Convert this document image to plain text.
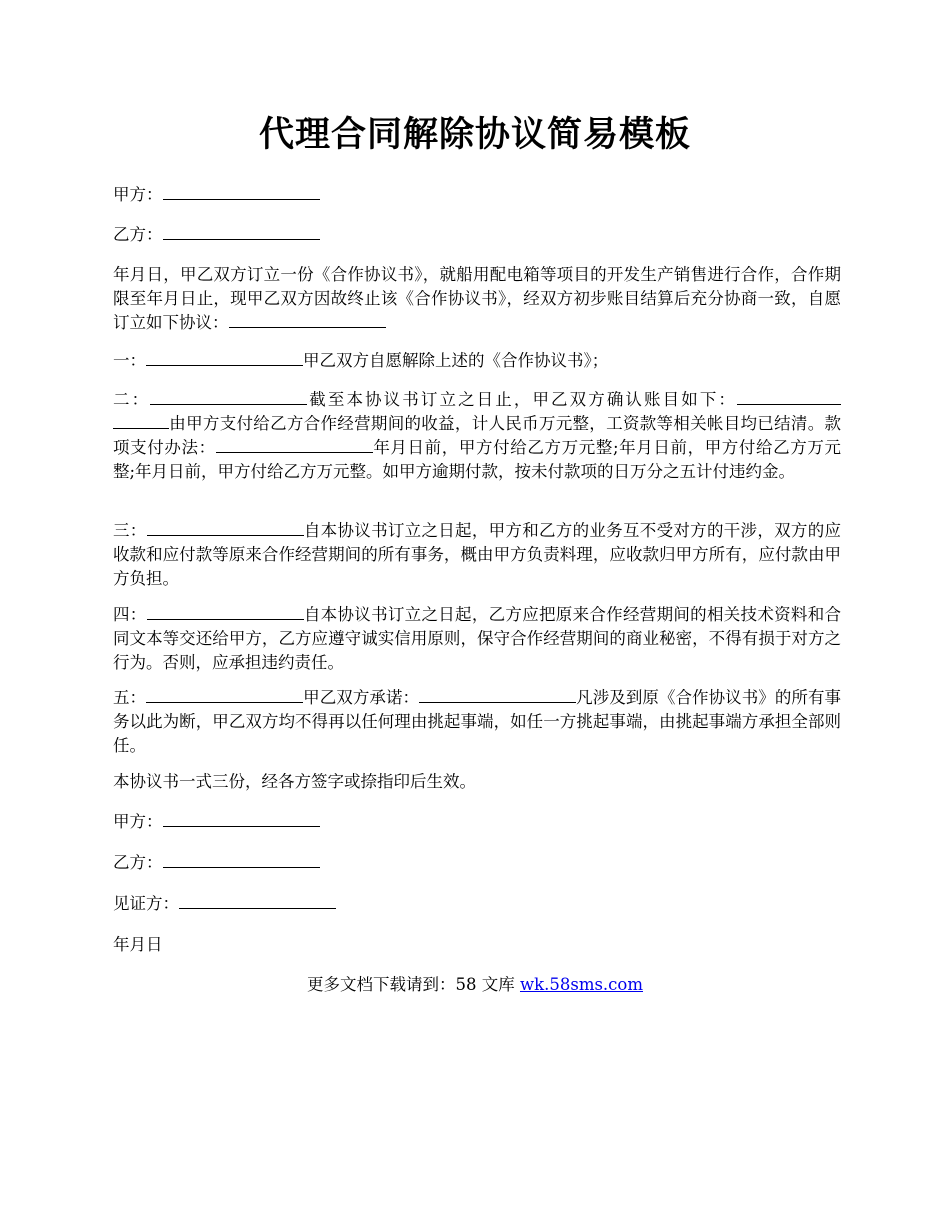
代理合同解除协议简易模板
甲方：
乙方：
年月日，甲乙双方订立一份《合作协议书》，就船用配电箱等项目的开发生产销售进行合作，合作期限至年月日止，现甲乙双方因故终止该《合作协议书》，经双方初步账目结算后充分协商一致，自愿订立如下协议：
一：	甲乙双方自愿解除上述的《合作协议书》；
二：	截至本协议书订立之日止，甲乙双方确认账目如下：由甲方支付给乙方合作经营期间的收益，计人民币万元整，工资款等相关帐目均已结清。款项支付办法：	年月日前，甲方付给乙方万元整;年月日前，甲方付给乙方万元整;年月日前，甲方付给乙方万元整。如甲方逾期付款，按未付款项的日万分之五计付违约金。
三：	自本协议书订立之日起，甲方和乙方的业务互不受对方的干涉，双方的应收款和应付款等原来合作经营期间的所有事务，概由甲方负责料理，应收款归甲方所有，应付款由甲方负担。
四：	自本协议书订立之日起，乙方应把原来合作经营期间的相关技术资料和合同文本等交还给甲方，乙方应遵守诚实信用原则，保守合作经营期间的商业秘密，不得有损于对方之行为。否则，应承担违约责任。
五：	甲乙双方承诺：	凡涉及到原《合作协议书》的所有事务以此为断，甲乙双方均不得再以任何理由挑起事端，如任一方挑起事端，由挑起事端方承担全部则任。
本协议书一式三份，经各方签字或捺指印后生效。
甲方：
乙方：
见证方：
年月日
更多文档下载请到：58 文库 wk.58sms.com
